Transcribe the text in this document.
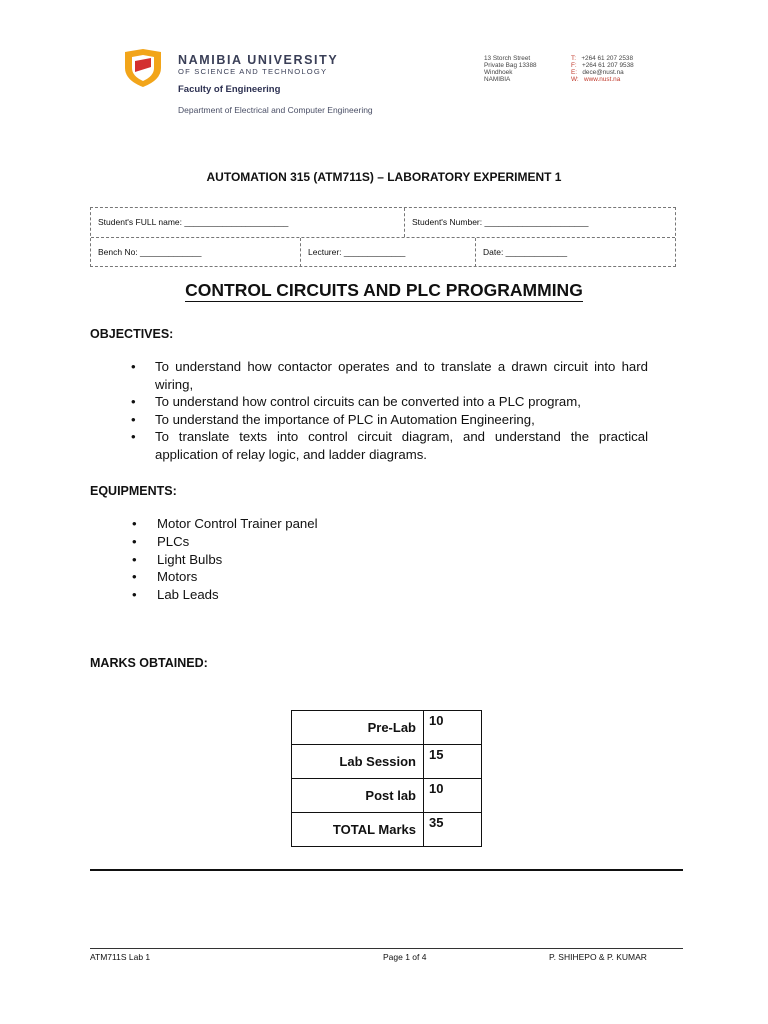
NAMIBIA UNIVERSITY
OF SCIENCE AND TECHNOLOGY
Faculty of Engineering
Department of Electrical and Computer Engineering
13 Storch Street
Private Bag 13388
Windhoek
NAMIBIA
T: +264 61 207 2538
F: +264 61 207 9538
E: dece@nust.na
W: www.nust.na
AUTOMATION 315 (ATM711S) – LABORATORY EXPERIMENT 1
Student's FULL name: ______________________	Student's Number: ______________________
Bench No: _____________	Lecturer: _____________	Date: _____________
CONTROL CIRCUITS AND PLC PROGRAMMING
OBJECTIVES:
• To understand how contactor operates and to translate a drawn circuit into hard wiring,
• To understand how control circuits can be converted into a PLC program,
• To understand the importance of PLC in Automation Engineering,
• To translate texts into control circuit diagram, and understand the practical application of relay logic, and ladder diagrams.
EQUIPMENTS:
• Motor Control Trainer panel
• PLCs
• Light Bulbs
• Motors
• Lab Leads
MARKS OBTAINED:
Pre-Lab	10
Lab Session	15
Post lab	10
TOTAL Marks	35
ATM711S Lab 1	Page 1 of 4	P. SHIHEPO & P. KUMAR
